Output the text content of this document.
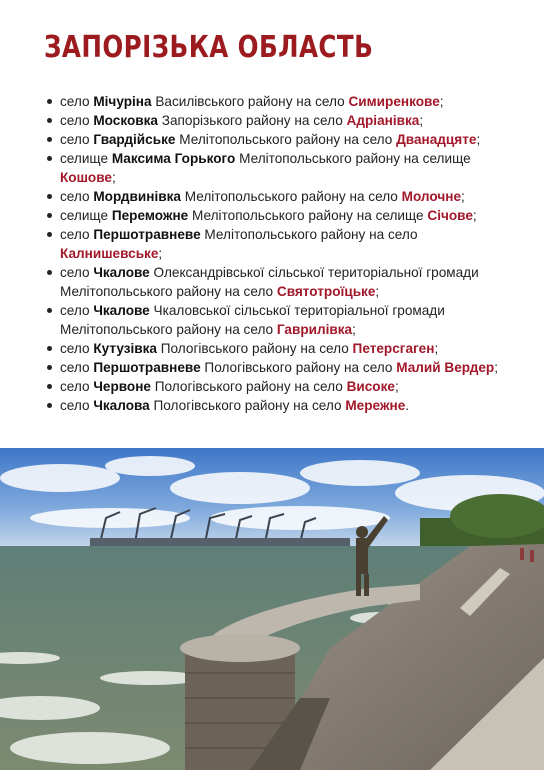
ЗАПОРІЗЬКА ОБЛАСТЬ
село Мічуріна Василівського району на село Симиренкове;
село Московка Запорізького району на село Адріанівка;
село Гвардійське Мелітопольського району на село Дванадцяте;
селище Максима Горького Мелітопольського району на селище Кошове;
село Мордвинівка Мелітопольського району на село Молочне;
селище Переможне Мелітопольського району на селище Січове;
село Першотравневе Мелітопольського району на село Калнишевське;
село Чкалове Олександрівської сільської територіальної громади Мелітопольського району на село Святотроїцьке;
село Чкалове Чкаловської сільської територіальної громади Мелітопольського району на село Гаврилівка;
село Кутузівка Пологівського району на село Петерсгаген;
село Першотравневе Пологівського району на село Малий Вердер;
село Червоне Пологівського району на село Високе;
село Чкалова Пологівського району на село Мережне.
